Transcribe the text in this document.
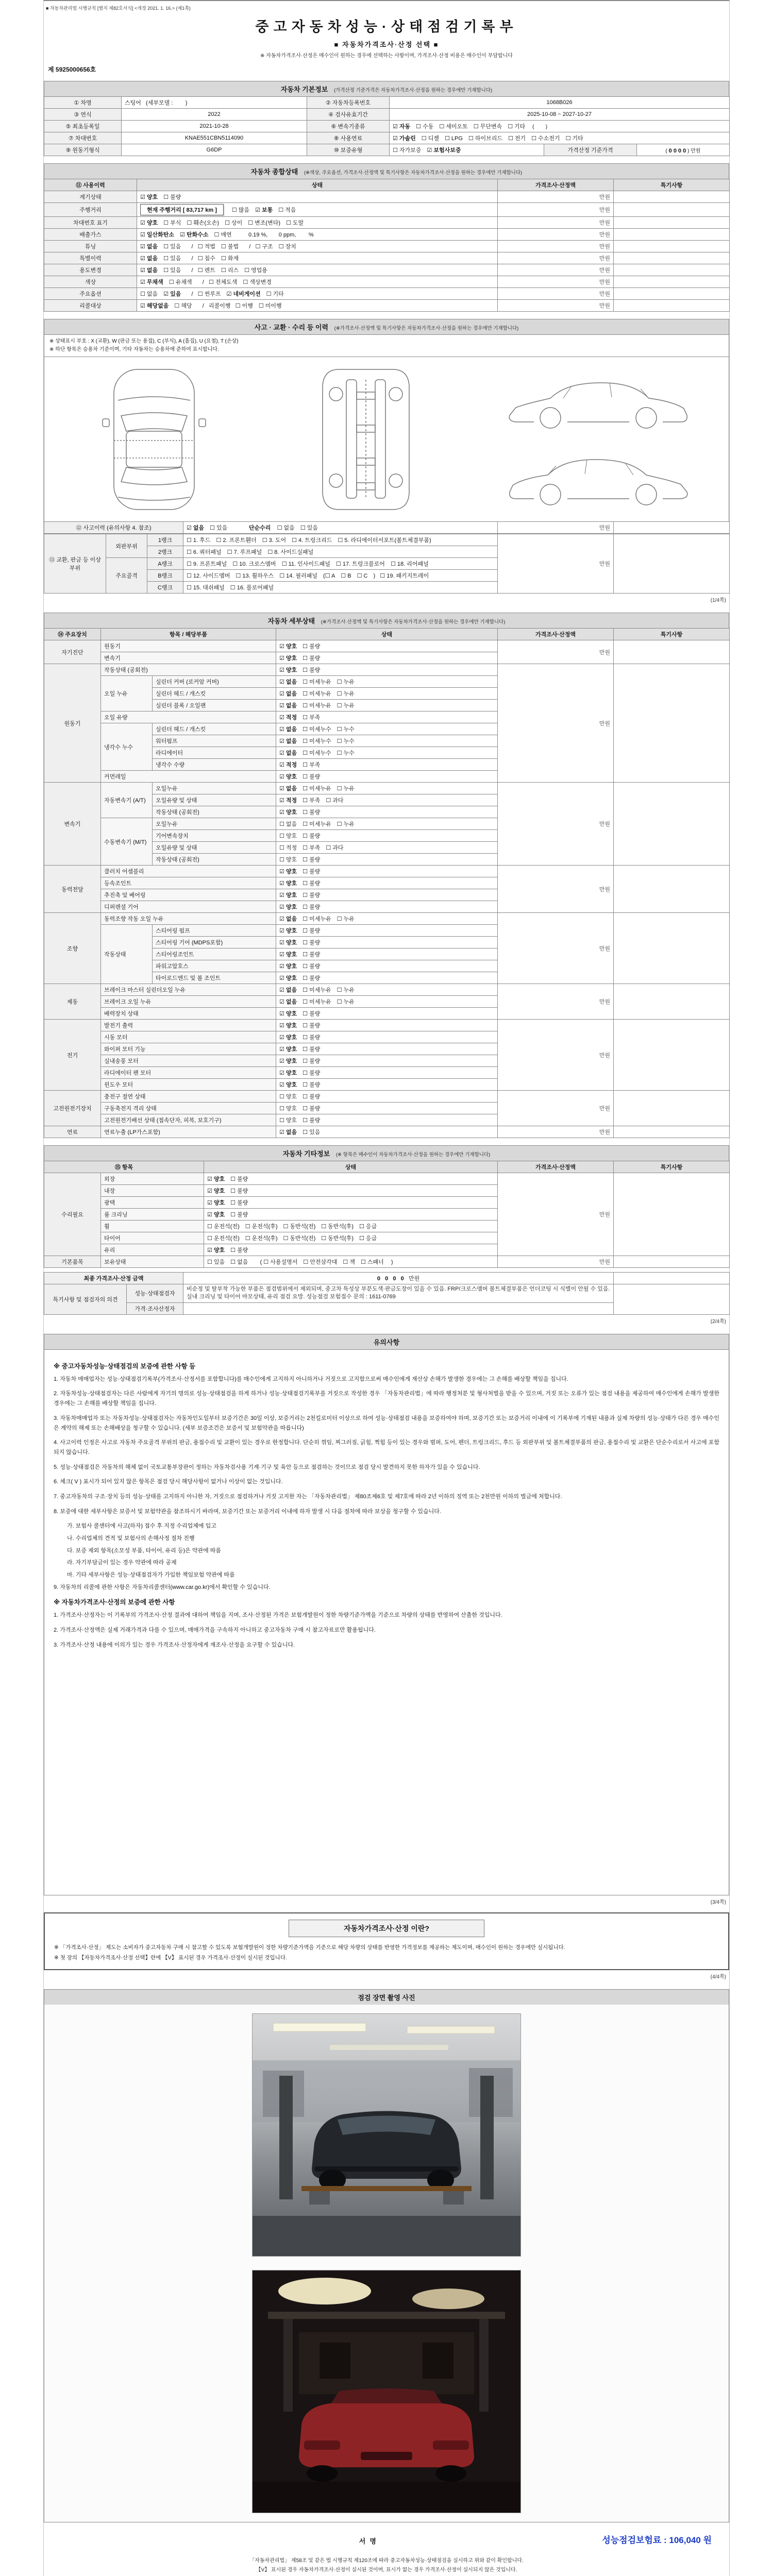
■ 자동차관리법 시행규칙 [별지 제82호서식] <개정 2021. 1. 16.> (제1쪽)
중고자동차성능·상태점검기록부
■ 자동차가격조사·산정 선택 ■
※ 자동차가격조사·산정은 매수인이 원하는 경우에 선택하는 사항이며, 가격조사·산정 비용은 매수인이 부담합니다
제 5925000656호
자동차 기본정보 (가격산정 기준가격은 자동차가격조사·산정을 원하는 경우에만 기재합니다)
① 차명	스팅어   (세부모델 :        )	② 자동차등록번호	1068B026		
③ 연식	2022	④ 검사유효기간	2025-10-08 ~ 2027-10-27		
⑤ 최초등록일	2021-10-28	⑥ 변속기종류	☑ 자동 ☐ 수동 ☐ 세미오토 ☐ 무단변속 ☐ 기타 (        )		
⑦ 차대번호	KNAE551CBN5114090	⑧ 사용연료	☑ 가솔린 ☐ 디젤 ☐ LPG ☐ 하이브리드 ☐ 전기 ☐ 수소전기 ☐ 기타		
⑨ 원동기형식	G6DP	⑩ 보증유형	☐ 자가보증 ☑ 보험사보증	가격산정 기준가격	( 0 0 0 0 ) 만원
자동차 종합상태 (※색상, 주요옵션, 가격조사·산정액 및 특기사항은 자동차가격조사·산정을 원하는 경우에만 기재합니다)
⑪ 사용이력	상태	가격조사·산정액	특기사항
계기상태	☑ 양호 ☐ 불량	만원	
주행거리	현재 주행거리 [ 83,717 km ] ☐ 많음 ☑ 보통 ☐ 적음	만원	
차대번호 표기	☑ 양호 ☐ 부식 ☐ 훼손(오손) ☐ 상이 ☐ 변조(변타) ☐ 도말	만원	
배출가스	☑ 일산화탄소 ☑ 탄화수소 ☐ 매연       0.19 %,       0 ppm,        %	만원	
튜닝	☑ 없음 ☐ 있음   /   ☐ 적법 ☐ 불법   /   ☐ 구조 ☐ 장치	만원	
특별이력	☑ 없음 ☐ 있음   /   ☐ 침수 ☐ 화재	만원	
용도변경	☑ 없음 ☐ 있음   /   ☐ 렌트 ☐ 리스 ☐ 영업용	만원	
색상	☑ 무채색 ☐ 유채색   /   ☐ 전체도색 ☐ 색상변경	만원	
주요옵션	☐ 없음 ☑ 있음   /   ☐ 썬루프 ☑ 네비게이션 ☐ 기타	만원	
리콜대상	☑ 해당없음 ☐ 해당   /   리콜이행   ☐ 이행 ☐ 미이행	만원	
사고 · 교환 · 수리 등 이력 (※가격조사·산정액 및 특기사항은 자동차가격조사·산정을 원하는 경우에만 기재합니다)
※ 상태표시 부호 : X (교환), W (판금 또는 용접), C (부식), A (흠집), U (요철), T (손상)
※ 하단 항목은 승용차 기준이며, 기타 자동차는 승용차에 준하여 표시합니다.
⑫ 사고이력 (유의사항 4. 참조)	☑ 없음 ☐ 있음          단순수리    ☐ 없음 ☐ 있음	만원	
⑬ 교환, 판금 등 이상 부위	외판부위	1랭크	☐ 1. 후드 ☐ 2. 프론트휀더 ☐ 3. 도어 ☐ 4. 트렁크리드 ☐ 5. 라디에이터서포트(볼트체결부품)	만원	
		2랭크	☐ 6. 쿼터패널 ☐ 7. 루프패널 ☐ 8. 사이드실패널		
	주요골격	A랭크	☐ 9. 프론트패널 ☐ 10. 크로스멤버 ☐ 11. 인사이드패널 ☐ 17. 트렁크플로어 ☐ 18. 리어패널		
		B랭크	☐ 12. 사이드멤버 ☐ 13. 휠하우스 ☐ 14. 필러패널 (☐ A ☐ B ☐ C )   ☐ 19. 패키지트레이		
		C랭크	☐ 15. 대쉬패널 ☐ 16. 플로어패널		
(1/4쪽)
자동차 세부상태 (※가격조사·산정액 및 특기사항은 자동차가격조사·산정을 원하는 경우에만 기재합니다)
⑭ 주요장치	항목 / 해당부품		상태	가격조사·산정액	특기사항
자기진단	원동기		☑ 양호 ☐ 불량	만원	
	변속기		☑ 양호 ☐ 불량		
원동기	작동상태 (공회전)		☑ 양호 ☐ 불량	만원	
	오일 누유	실린더 커버 (로커암 커버)	☑ 없음 ☐ 미세누유 ☐ 누유		
		실린더 헤드 / 개스킷	☑ 없음 ☐ 미세누유 ☐ 누유		
		실린더 블록 / 오일팬	☑ 없음 ☐ 미세누유 ☐ 누유		
	오일 유량		☑ 적정 ☐ 부족		
	냉각수 누수	실린더 헤드 / 개스킷	☑ 없음 ☐ 미세누수 ☐ 누수		
		워터펌프	☑ 없음 ☐ 미세누수 ☐ 누수		
		라디에이터	☑ 없음 ☐ 미세누수 ☐ 누수		
		냉각수 수량	☑ 적정 ☐ 부족		
	커먼레일		☑ 양호 ☐ 불량		
변속기	자동변속기 (A/T)	오일누유	☑ 없음 ☐ 미세누유 ☐ 누유	만원	
		오일유량 및 상태	☑ 적정 ☐ 부족 ☐ 과다		
		작동상태 (공회전)	☑ 양호 ☐ 불량		
	수동변속기 (M/T)	오일누유	☐ 없음 ☐ 미세누유 ☐ 누유		
		기어변속장치	☐ 양호 ☐ 불량		
		오일유량 및 상태	☐ 적정 ☐ 부족 ☐ 과다		
		작동상태 (공회전)	☐ 양호 ☐ 불량		
동력전달	클러치 어셈블리		☑ 양호 ☐ 불량	만원	
	등속조인트		☑ 양호 ☐ 불량		
	추진축 및 베어링		☑ 양호 ☐ 불량		
	디퍼렌셜 기어		☑ 양호 ☐ 불량		
조향	동력조향 작동 오일 누유		☑ 없음 ☐ 미세누유 ☐ 누유	만원	
	작동상태	스티어링 펌프	☑ 양호 ☐ 불량		
		스티어링 기어 (MDPS포함)	☑ 양호 ☐ 불량		
		스티어링조인트	☑ 양호 ☐ 불량		
		파워고압호스	☑ 양호 ☐ 불량		
		타이로드엔드 및 볼 조인트	☑ 양호 ☐ 불량		
제동	브레이크 마스터 실린더오일 누유		☑ 없음 ☐ 미세누유 ☐ 누유	만원	
	브레이크 오일 누유		☑ 없음 ☐ 미세누유 ☐ 누유		
	배력장치 상태		☑ 양호 ☐ 불량		
전기	발전기 출력		☑ 양호 ☐ 불량	만원	
	시동 모터		☑ 양호 ☐ 불량		
	와이퍼 모터 기능		☑ 양호 ☐ 불량		
	실내송풍 모터		☑ 양호 ☐ 불량		
	라디에이터 팬 모터		☑ 양호 ☐ 불량		
	윈도우 모터		☑ 양호 ☐ 불량		
고전원전기장치	충전구 절연 상태		☐ 양호 ☐ 불량	만원	
	구동축전지 격리 상태		☐ 양호 ☐ 불량		
	고전원전기배선 상태 (접속단자, 피복, 보호기구)		☐ 양호 ☐ 불량		
연료	연료누출 (LP가스포함)		☑ 없음 ☐ 있음	만원	
자동차 기타정보 (※ 항목은 매수인이 자동차가격조사·산정을 원하는 경우에만 기재합니다)
⑮ 항목		상태	가격조사·산정액	특기사항
수리필요	외장	☑ 양호 ☐ 불량	만원	
	내장	☑ 양호 ☐ 불량		
	광택	☑ 양호 ☐ 불량		
	룸 크리닝	☑ 양호 ☐ 불량		
	휠	☐ 운전석(전) ☐ 운전석(후) ☐ 동반석(전) ☐ 동반석(후) ☐ 응급		
	타이어	☐ 운전석(전) ☐ 운전석(후) ☐ 동반석(전) ☐ 동반석(후) ☐ 응급		
	유리	☑ 양호 ☐ 불량		
기본품목	보유상태	☐ 있음 ☐ 없음    ( ☐ 사용설명서 ☐ 안전삼각대 ☐ 잭 ☐ 스패너 )	만원	
최종 가격조사·산정 금액		0   0   0   0   만원	
특기사항 및 점검자의 의견	성능·상태점검자	비순정 및 탈부착 가능한 부품은 점검범위에서 제외되며, 중고차 특성상 부분도색·판금도장이 있을 수 있음. FRP/크로스멤버 볼트체결부품은 언더코팅 시 식별이 안될 수 있음. 실내 크리닝 및 타이어 마모상태, 유리 점검 요망. 성능점검 보험접수 문의 : 1611-0769	
	가격·조사산정자		
(2/4쪽)
유의사항
※ 중고자동차성능·상태점검의 보증에 관한 사항 등
1. 자동차 매매업자는 성능·상태점검기록부(가격조사·산정서를 포함합니다)를 매수인에게 고지하지 아니하거나 거짓으로 고지함으로써 매수인에게 재산상 손해가 발생한 경우에는 그 손해를 배상할 책임을 집니다.
2. 자동차성능·상태점검자는 다른 사람에게 자기의 명의로 성능·상태점검을 하게 하거나 성능·상태점검기록부를 거짓으로 작성한 경우 「자동차관리법」에 따라 행정처분 및 형사처벌을 받을 수 있으며, 거짓 또는 오류가 있는 점검 내용을 제공하여 매수인에게 손해가 발생한 경우에는 그 손해를 배상할 책임을 집니다.
3. 자동차매매업자 또는 자동차성능·상태점검자는 자동차인도일부터 보증기간은 30일 이상, 보증거리는 2천킬로미터 이상으로 하여 성능·상태점검 내용을 보증하여야 하며, 보증기간 또는 보증거리 이내에 이 기록부에 기재된 내용과 실제 차량의 성능·상태가 다른 경우 매수인은 계약의 해제 또는 손해배상을 청구할 수 있습니다. (세부 보증조건은 보증서 및 보험약관을 따릅니다)
4. 사고이력 인정은 사고로 자동차 주요골격 부위의 판금, 용접수리 및 교환이 있는 경우로 한정합니다. 단순히 꺾임, 찌그러짐, 긁힘, 찍힘 등이 있는 경우와 범퍼, 도어, 펜더, 트렁크리드, 후드 등 외판부위 및 볼트체결부품의 판금, 용접수리 및 교환은 단순수리로서 사고에 포함되지 않습니다.
5. 성능·상태점검은 자동차의 해체 없이 국토교통부장관이 정하는 자동차검사용 기계·기구 및 육안 등으로 점검하는 것이므로 점검 당시 발견하지 못한 하자가 있을 수 있습니다.
6. 체크( V ) 표시가 되어 있지 않은 항목은 점검 당시 해당사항이 없거나 이상이 없는 것입니다.
7. 중고자동차의 구조·장치 등의 성능·상태를 고지하지 아니한 자, 거짓으로 점검하거나 거짓 고지한 자는 「자동차관리법」 제80조제6호 및 제7호에 따라 2년 이하의 징역 또는 2천만원 이하의 벌금에 처합니다.
8. 보증에 대한 세부사항은 보증서 및 보험약관을 참조하시기 바라며, 보증기간 또는 보증거리 이내에 하자 발생 시 다음 절차에 따라 보상을 청구할 수 있습니다.
가. 보험사 콜센터에 사고(하자) 접수 후 지정 수리업체에 입고
나. 수리업체의 견적 및 보험사의 손해사정 절차 진행
다. 보증 제외 항목(소모성 부품, 타이어, 유리 등)은 약관에 따름
라. 자기부담금이 있는 경우 약관에 따라 공제
마. 기타 세부사항은 성능·상태점검자가 가입한 책임보험 약관에 따름
9. 자동차의 리콜에 관한 사항은 자동차리콜센터(www.car.go.kr)에서 확인할 수 있습니다.
※ 자동차가격조사·산정의 보증에 관한 사항
1. 가격조사·산정자는 이 기록부의 가격조사·산정 결과에 대하여 책임을 지며, 조사·산정된 가격은 보험개발원이 정한 차량기준가액을 기준으로 차량의 상태를 반영하여 산출한 것입니다.
2. 가격조사·산정액은 실제 거래가격과 다를 수 있으며, 매매가격을 구속하지 아니하고 중고자동차 구매 시 참고자료로만 활용됩니다.
3. 가격조사·산정 내용에 이의가 있는 경우 가격조사·산정자에게 재조사·산정을 요구할 수 있습니다.
(3/4쪽)
자동차가격조사·산정 이란?
※ 「가격조사·산정」 제도는 소비자가 중고자동차 구매 시 참고할 수 있도록 보험개발원이 정한 차량기준가액을 기준으로 해당 차량의 상태를 반영한 가격정보를 제공하는 제도이며, 매수인이 원하는 경우에만 실시됩니다.
※ 첫 장의 【자동차가격조사·산정 선택】란에 【V】 표시된 경우 가격조사·산정이 실시된 것입니다.
(4/4쪽)
점검 장면 촬영 사진
서명	성능점검보험료 : 106,040 원
「자동차관리법」 제58조 및 같은 법 시행규칙 제120조에 따라 중고자동차성능·상태점검을 실시하고 위와 같이 확인합니다.
【V】 표시된 경우 자동차가격조사·산정이 실시된 것이며, 표시가 없는 경우 가격조사·산정이 실시되지 않은 것입니다.
